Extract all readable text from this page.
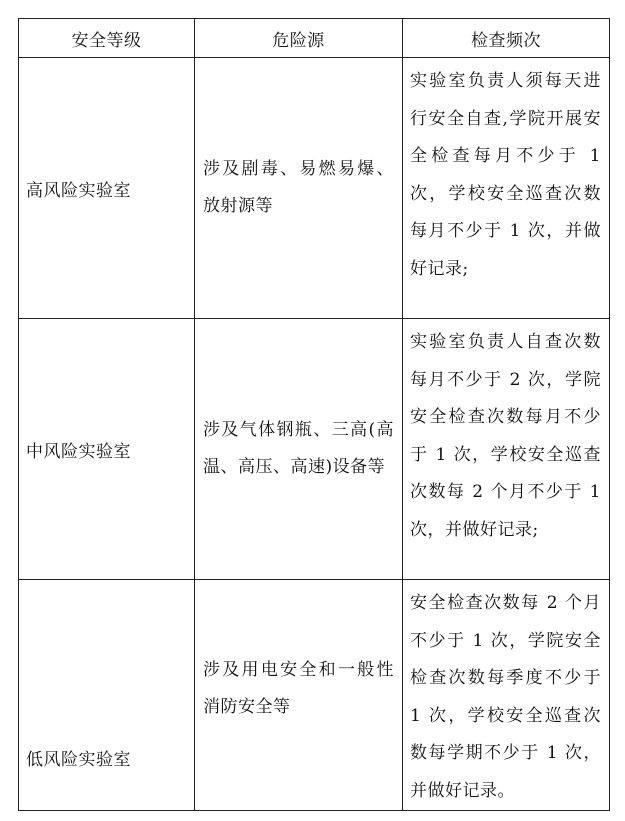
安全等级	危险源	检查频次

高风险实验室	涉及剧毒、易燃易爆、放射源等	实验室负责人须每天进行安全自查,学院开展安全检查每月不少于 1 次，学校安全巡查次数每月不少于 1 次，并做好记录;

中风险实验室	涉及气体钢瓶、三高(高温、高压、高速)设备等	实验室负责人自查次数每月不少于 2 次，学院安全检查次数每月不少于 1 次，学校安全巡查次数每 2 个月不少于 1 次，并做好记录;

低风险实验室	涉及用电安全和一般性消防安全等	安全检查次数每 2 个月不少于 1 次，学院安全检查次数每季度不少于 1 次，学校安全巡查次数每学期不少于 1 次，并做好记录。
